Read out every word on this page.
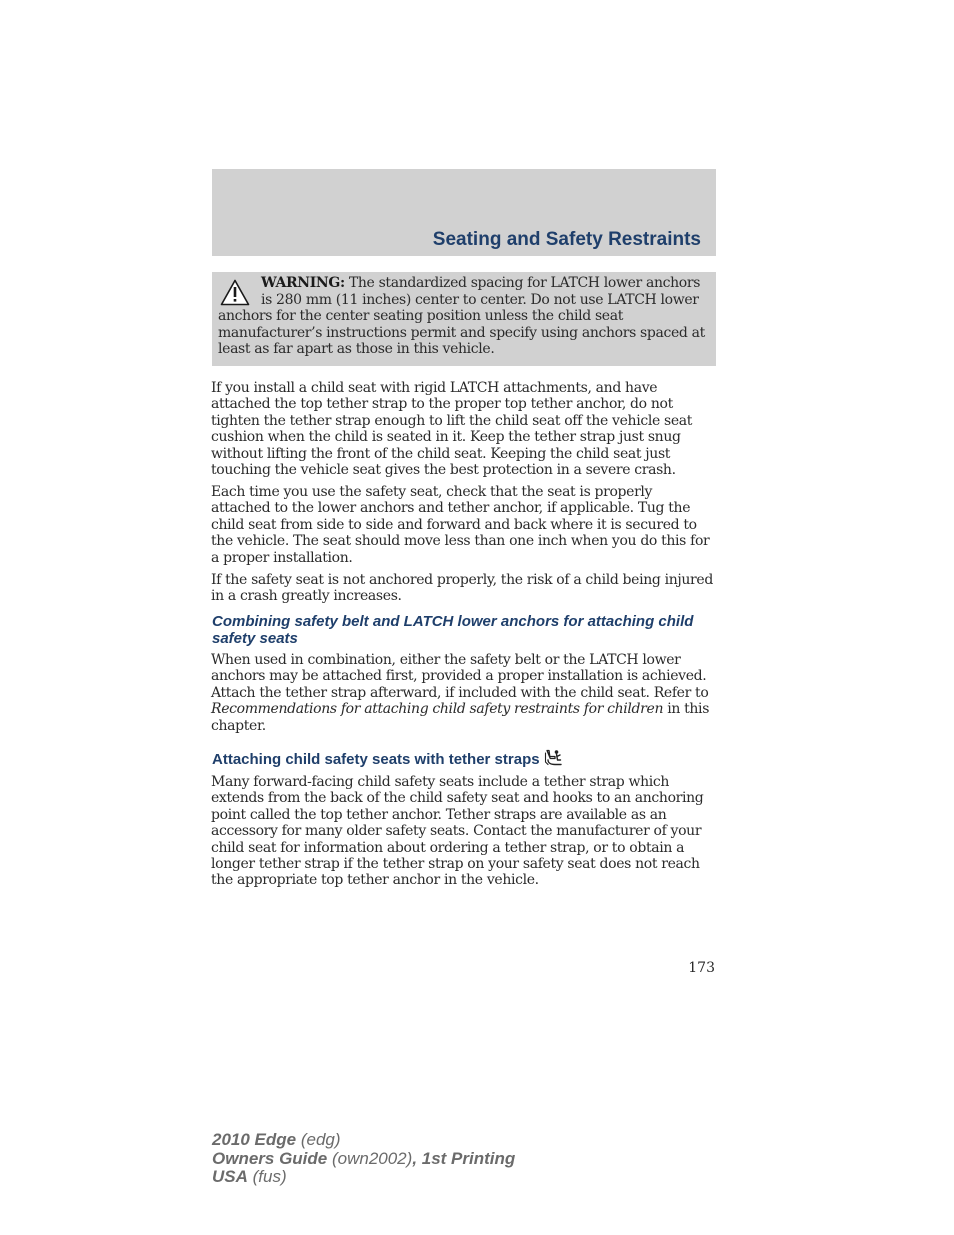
Seating and Safety Restraints
WARNING: The standardized spacing for LATCH lower anchors is 280 mm (11 inches) center to center. Do not use LATCH lower anchors for the center seating position unless the child seat manufacturer’s instructions permit and specify using anchors spaced at least as far apart as those in this vehicle.

If you install a child seat with rigid LATCH attachments, and have attached the top tether strap to the proper top tether anchor, do not tighten the tether strap enough to lift the child seat off the vehicle seat cushion when the child is seated in it. Keep the tether strap just snug without lifting the front of the child seat. Keeping the child seat just touching the vehicle seat gives the best protection in a severe crash.

Each time you use the safety seat, check that the seat is properly attached to the lower anchors and tether anchor, if applicable. Tug the child seat from side to side and forward and back where it is secured to the vehicle. The seat should move less than one inch when you do this for a proper installation.

If the safety seat is not anchored properly, the risk of a child being injured in a crash greatly increases.

Combining safety belt and LATCH lower anchors for attaching child safety seats

When used in combination, either the safety belt or the LATCH lower anchors may be attached first, provided a proper installation is achieved. Attach the tether strap afterward, if included with the child seat. Refer to Recommendations for attaching child safety restraints for children in this chapter.

Attaching child safety seats with tether straps

Many forward-facing child safety seats include a tether strap which extends from the back of the child safety seat and hooks to an anchoring point called the top tether anchor. Tether straps are available as an accessory for many older safety seats. Contact the manufacturer of your child seat for information about ordering a tether strap, or to obtain a longer tether strap if the tether strap on your safety seat does not reach the appropriate top tether anchor in the vehicle.

173
2010 Edge (edg)
Owners Guide (own2002), 1st Printing
USA (fus)
